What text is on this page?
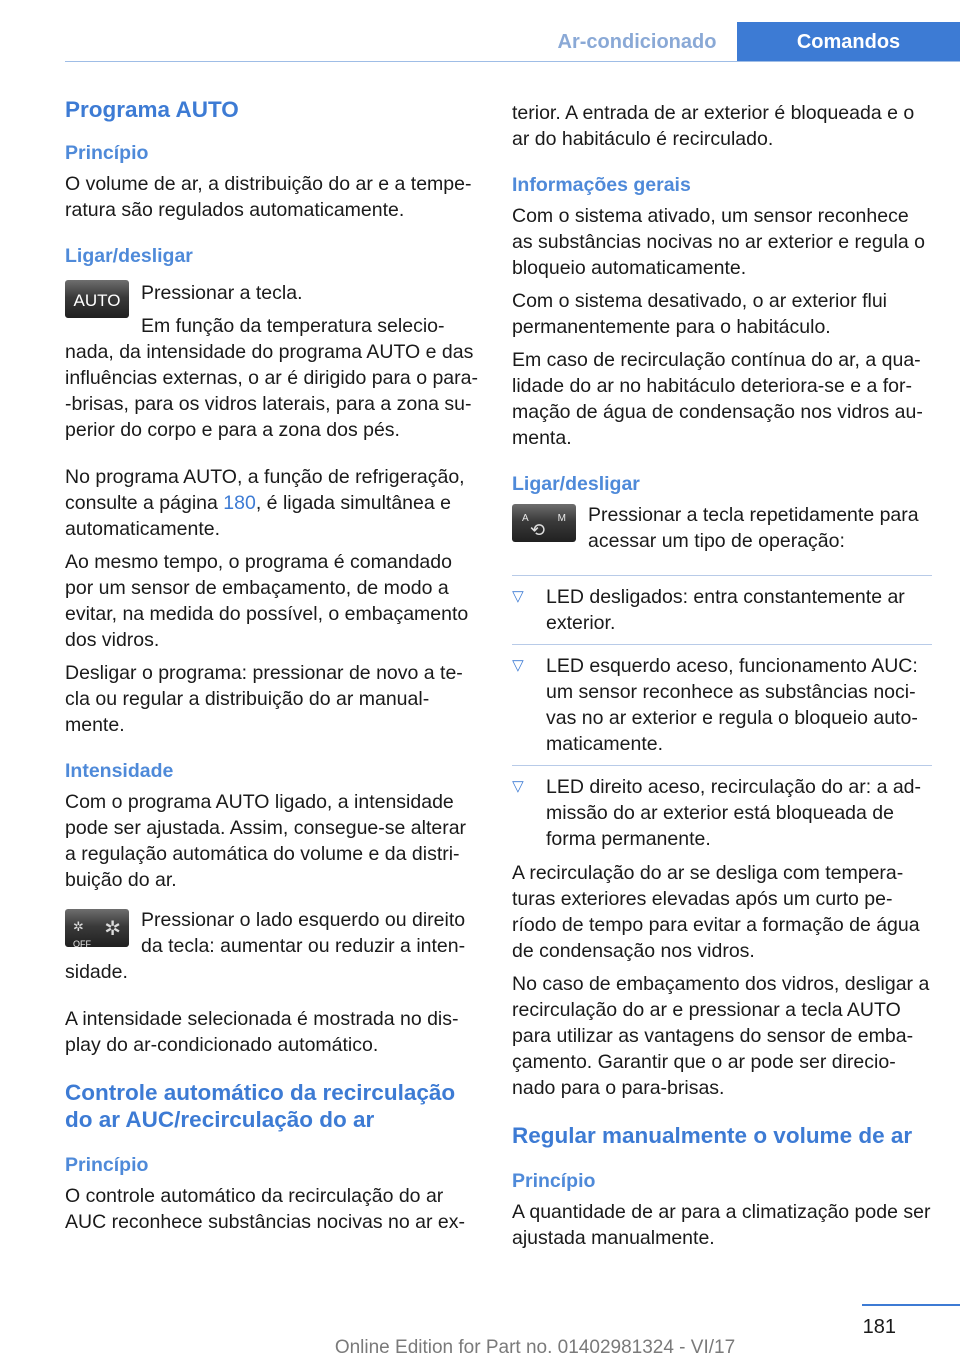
Ar-condicionado	Comandos
Programa AUTO
Princípio

O volume de ar, a distribuição do ar e a tempe-ratura são regulados automaticamente.

Ligar/desligar
AUTO	Pressionar a tecla.

Em função da temperatura selecio-nada, da intensidade do programa AUTO e das influências externas, o ar é dirigido para o para--brisas, para os vidros laterais, para a zona su-perior do corpo e para a zona dos pés.

No programa AUTO, a função de refrigeração, consulte a página 180, é ligada simultânea e automaticamente.

Ao mesmo tempo, o programa é comandado por um sensor de embaçamento, de modo a evitar, na medida do possível, o embaçamento dos vidros.

Desligar o programa: pressionar de novo a te-cla ou regular a distribuição do ar manual-mente.

Intensidade

Com o programa AUTO ligado, a intensidade pode ser ajustada. Assim, consegue-se alterar a regulação automática do volume e da distri-buição do ar.

OFF
✲ ✲	Pressionar o lado esquerdo ou direito da tecla: aumentar ou reduzir a inten-sidade.

A intensidade selecionada é mostrada no dis-play do ar-condicionado automático.

Controle automático da recirculação do ar AUC/recirculação do ar
Princípio

O controle automático da recirculação do ar AUC reconhece substâncias nocivas no ar ex-

terior. A entrada de ar exterior é bloqueada e o ar do habitáculo é recirculado.

Informações gerais

Com o sistema ativado, um sensor reconhece as substâncias nocivas no ar exterior e regula o bloqueio automaticamente.

Com o sistema desativado, o ar exterior flui permanentemente para o habitáculo.

Em caso de recirculação contínua do ar, a qua-lidade do ar no habitáculo deteriora-se e a for-mação de água de condensação nos vidros au-menta.

Ligar/desligar
A	M
⟲

Pressionar a tecla repetidamente para acessar um tipo de operação:

▷ LED desligados: entra constantemente ar exterior.
▷ LED esquerdo aceso, funcionamento AUC: um sensor reconhece as substâncias noci-vas no ar exterior e regula o bloqueio auto-maticamente.
▷ LED direito aceso, recirculação do ar: a ad-missão do ar exterior está bloqueada de forma permanente.

A recirculação do ar se desliga com tempera-turas exteriores elevadas após um curto pe-ríodo de tempo para evitar a formação de água de condensação nos vidros.

No caso de embaçamento dos vidros, desligar a recirculação do ar e pressionar a tecla AUTO para utilizar as vantagens do sensor de emba-çamento. Garantir que o ar pode ser direcio-nado para o para-brisas.

Regular manualmente o volume de ar
Princípio

A quantidade de ar para a climatização pode ser ajustada manualmente.

181
Online Edition for Part no. 01402981324 - VI/17
